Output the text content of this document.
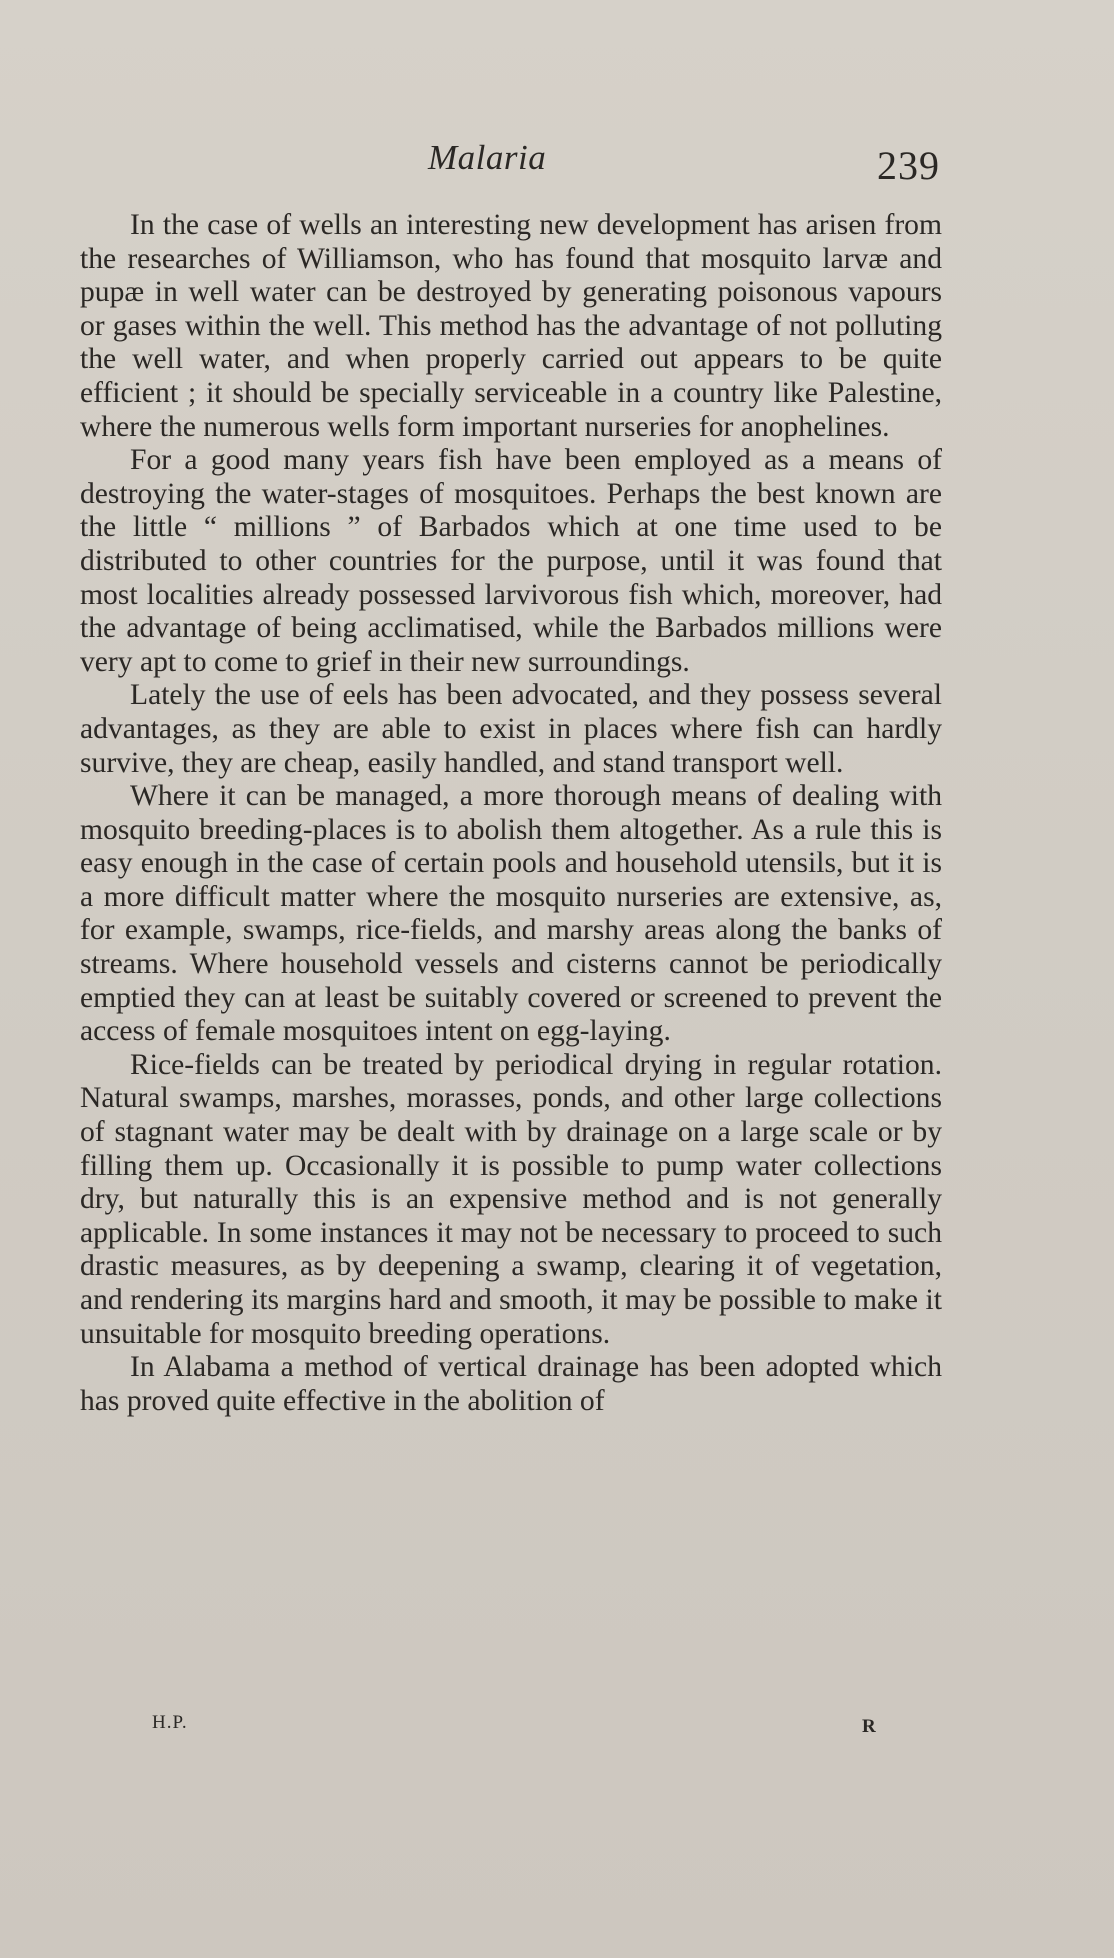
Malaria	239

In the case of wells an interesting new development has arisen from the researches of Williamson, who has found that mosquito larvæ and pupæ in well water can be destroyed by generating poisonous vapours or gases within the well. This method has the advantage of not polluting the well water, and when properly carried out appears to be quite efficient ; it should be specially serviceable in a country like Palestine, where the numerous wells form important nurseries for anophelines.

For a good many years fish have been employed as a means of destroying the water-stages of mosquitoes. Perhaps the best known are the little “ millions ” of Barbados which at one time used to be distributed to other countries for the purpose, until it was found that most localities already possessed larvivorous fish which, moreover, had the advantage of being acclimatised, while the Barbados millions were very apt to come to grief in their new surroundings.

Lately the use of eels has been advocated, and they possess several advantages, as they are able to exist in places where fish can hardly survive, they are cheap, easily handled, and stand transport well.

Where it can be managed, a more thorough means of dealing with mosquito breeding-places is to abolish them altogether. As a rule this is easy enough in the case of certain pools and household utensils, but it is a more difficult matter where the mosquito nurseries are extensive, as, for example, swamps, rice-fields, and marshy areas along the banks of streams. Where household vessels and cisterns cannot be periodically emptied they can at least be suitably covered or screened to prevent the access of female mosquitoes intent on egg-laying.

Rice-fields can be treated by periodical drying in regular rotation. Natural swamps, marshes, morasses, ponds, and other large collections of stagnant water may be dealt with by drainage on a large scale or by filling them up. Occasionally it is possible to pump water collections dry, but naturally this is an expensive method and is not generally applicable. In some instances it may not be necessary to proceed to such drastic measures, as by deepening a swamp, clearing it of vegetation, and rendering its margins hard and smooth, it may be possible to make it unsuitable for mosquito breeding operations.

In Alabama a method of vertical drainage has been adopted which has proved quite effective in the abolition of

H.P.	R
